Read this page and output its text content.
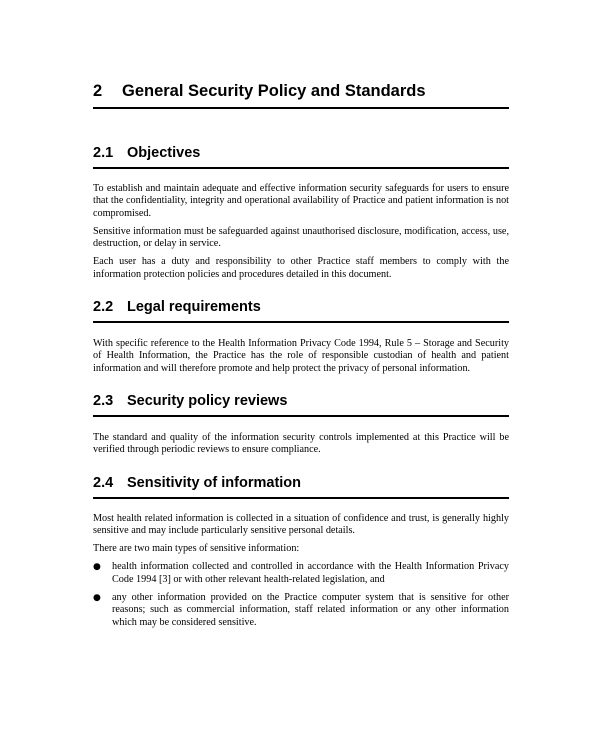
2	General Security Policy and Standards
2.1 Objectives

To establish and maintain adequate and effective information security safeguards for users to ensure that the confidentiality, integrity and operational availability of Practice and patient information is not compromised.

Sensitive information must be safeguarded against unauthorised disclosure, modification, access, use, destruction, or delay in service.

Each user has a duty and responsibility to other Practice staff members to comply with the information protection policies and procedures detailed in this document.

2.2 Legal requirements

With specific reference to the Health Information Privacy Code 1994, Rule 5 – Storage and Security of Health Information, the Practice has the role of responsible custodian of health and patient information and will therefore promote and help protect the privacy of personal information.

2.3 Security policy reviews

The standard and quality of the information security controls implemented at this Practice will be verified through periodic reviews to ensure compliance.

2.4 Sensitivity of information

Most health related information is collected in a situation of confidence and trust, is generally highly sensitive and may include particularly sensitive personal details.

There are two main types of sensitive information:

●	health information collected and controlled in accordance with the Health Information Privacy Code 1994 [3] or with other relevant health-related legislation, and
●	any other information provided on the Practice computer system that is sensitive for other reasons; such as commercial information, staff related information or any other information which may be considered sensitive.
